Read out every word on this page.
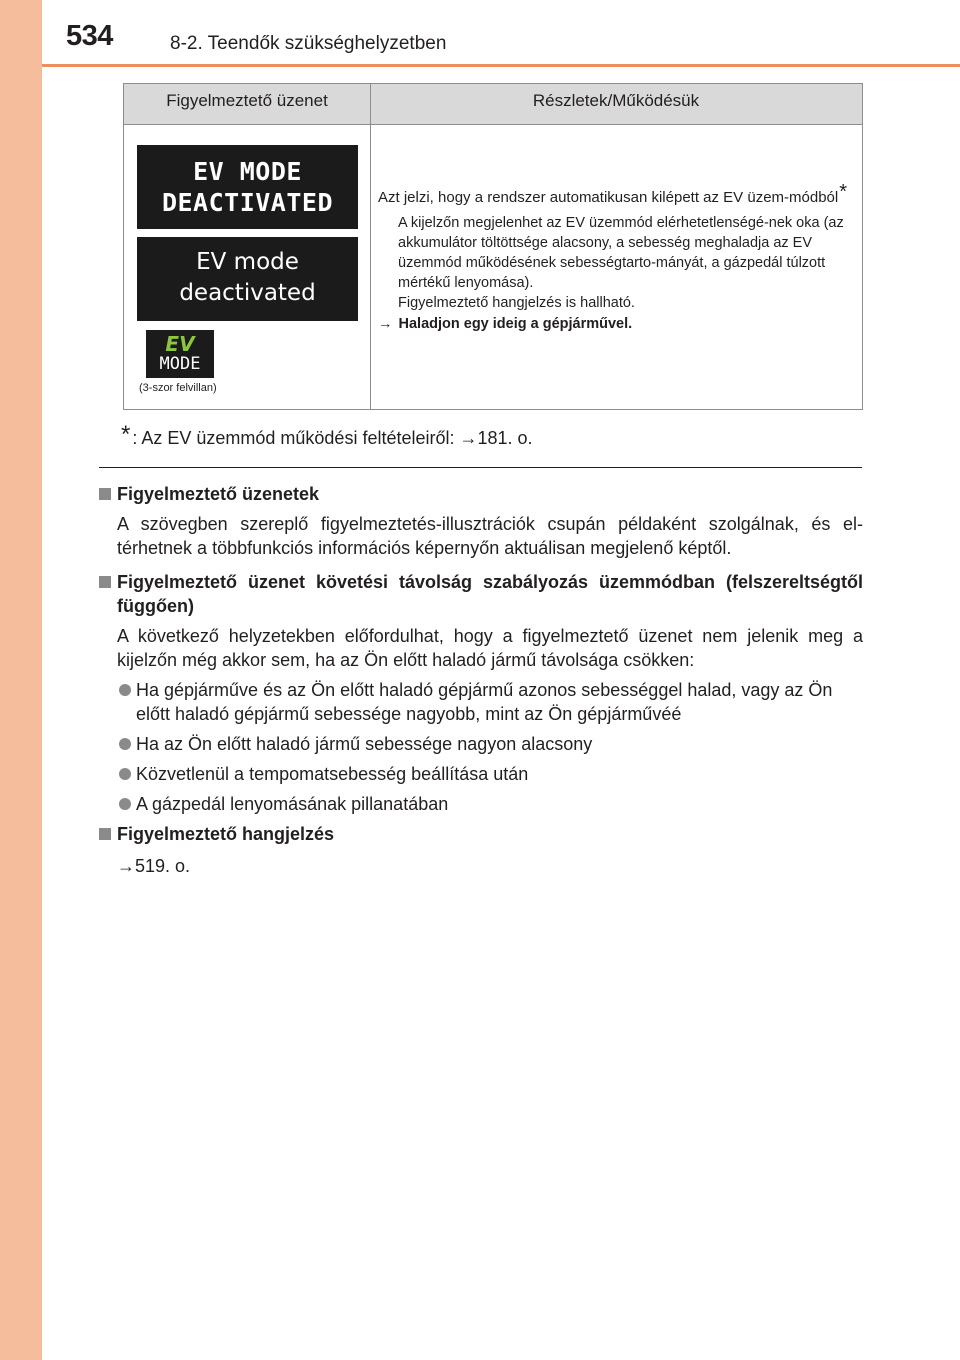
534	8-2. Teendők szükséghelyzetben
Figyelmeztető üzenet	Részletek/Működésük
EV MODE
DEACTIVATED
EV mode
deactivated
EV
MODE
(3-szor felvillan)
Azt jelzi, hogy a rendszer automatikusan kilépett az EV üzem-módból*
A kijelzőn megjelenhet az EV üzemmód elérhetetlenségé-nek oka (az akkumulátor töltöttsége alacsony, a sebesség meghaladja az EV üzemmód működésének sebességtarto-mányát, a gázpedál túlzott mértékű lenyomása).
Figyelmeztető hangjelzés is hallható.
→ Haladjon egy ideig a gépjárművel.
* : Az EV üzemmód működési feltételeiről: →181. o.
Figyelmeztető üzenetek
A szövegben szereplő figyelmeztetés-illusztrációk csupán példaként szolgálnak, és el-térhetnek a többfunkciós információs képernyőn aktuálisan megjelenő képtől.
Figyelmeztető üzenet követési távolság szabályozás üzemmódban (felszereltségtől függően)
A következő helyzetekben előfordulhat, hogy a figyelmeztető üzenet nem jelenik meg a kijelzőn még akkor sem, ha az Ön előtt haladó jármű távolsága csökken:
Ha gépjárműve és az Ön előtt haladó gépjármű azonos sebességgel halad, vagy az Ön előtt haladó gépjármű sebessége nagyobb, mint az Ön gépjárművéé
Ha az Ön előtt haladó jármű sebessége nagyon alacsony
Közvetlenül a tempomatsebesség beállítása után
A gázpedál lenyomásának pillanatában
Figyelmeztető hangjelzés
→519. o.
